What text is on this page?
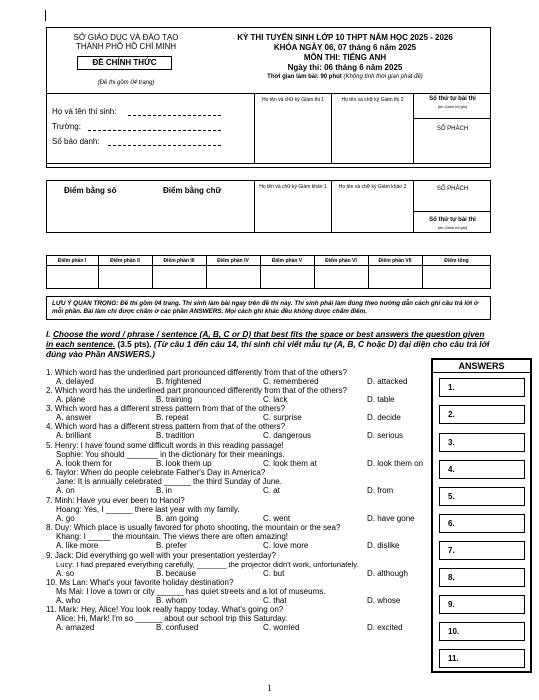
SỞ GIÁO DỤC VÀ ĐÀO TẠO
THÀNH PHỐ HỒ CHÍ MINH
ĐỀ CHÍNH THỨC
(Đề thi gồm 04 trang)
KỲ THI TUYỂN SINH LỚP 10 THPT NĂM HỌC 2025 - 2026
KHÓA NGÀY 06, 07 tháng 6 năm 2025
MÔN THI: TIẾNG ANH
Ngày thi: 06 tháng 6 năm 2025
Thời gian làm bài: 90 phút (Không tính thời gian phát đề)
Họ và tên thí sinh:
Trường:
Số báo danh:
Họ tên và chữ ký Giám thị 1	Họ tên và chữ ký Giám thị 2	Số thứ tự bài thi
(do Giám thị ghi)
SỐ PHÁCH
Điểm bằng số	Điểm bằng chữ	Họ tên và chữ ký Giám khảo 1	Họ tên và chữ ký Giám khảo 2	SỐ PHÁCH
Số thứ tự bài thi
(do Giám thị ghi)
Điểm phần I	Điểm phần II	Điểm phần III	Điểm phần IV	Điểm phần V	Điểm phần VI	Điểm phần VII	Điểm tổng
LƯU Ý QUAN TRỌNG: Đề thi gồm 04 trang. Thí sinh làm bài ngay trên đề thi này. Thí sinh phải làm đúng theo hướng dẫn cách ghi câu trả lời ở mỗi phần. Bài làm chỉ được chấm ở các phần ANSWERS. Mọi cách ghi khác đều không được chấm điểm.
I. Choose the word / phrase / sentence (A, B, C or D) that best fits the space or best answers the question given in each sentence. (3.5 pts). (Từ câu 1 đến câu 14, thí sinh chỉ viết mẫu tự (A, B, C hoặc D) đại diện cho câu trả lời đúng vào Phần ANSWERS.)
ANSWERS
1.
2.
3.
4.
5.
6.
7.
8.
9.
10.
11.
1. Which word has the underlined part pronounced differently from that of the others?
A. delayed	B. frightened	C. remembered	D. attacked
2. Which word has the underlined part pronounced differently from that of the others?
A. plane	B. training	C. lack	D. table
3. Which word has a different stress pattern from that of the others?
A. answer	B. repeat	C. surprise	D. decide
4. Which word has a different stress pattern from that of the others?
A. brilliant	B. tradition	C. dangerous	D. serious
5. Henry: I have found some difficult words in this reading passage!
Sophie: You should _______ in the dictionary for their meanings.
A. look them for	B. look them up	C. look them at	D. look them on
6. Taylor: When do people celebrate Father's Day in America?
Jane: It is annually celebrated ______ the third Sunday of June.
A. on	B. in	C. at	D. from
7. Minh: Have you ever been to Hanoi?
Hoang: Yes, I ______ there last year with my family.
A. go	B. am going	C. went	D. have gone
8. Duy: Which place is usually favored for photo shooting, the mountain or the sea?
Khang: I _____ the mountain. The views there are often amazing!
A. like more	B. prefer	C. love more	D. dislike
9. Jack: Did everything go well with your presentation yesterday?
Lucy: I had prepared everything carefully, _______ the projector didn't work, unfortunately.
A. so	B. because	C. but	D. although
10. Ms Lan: What's your favorite holiday destination?
Ms Mai: I love a town or city ______ has quiet streets and a lot of museums.
A. who	B. whom	C. that	D. whose
11. Mark: Hey, Alice! You look really happy today. What's going on?
Alice: Hi, Mark! I'm so ______ about our school trip this Saturday.
A. amazed	B. confused	C. worried	D. excited
1
